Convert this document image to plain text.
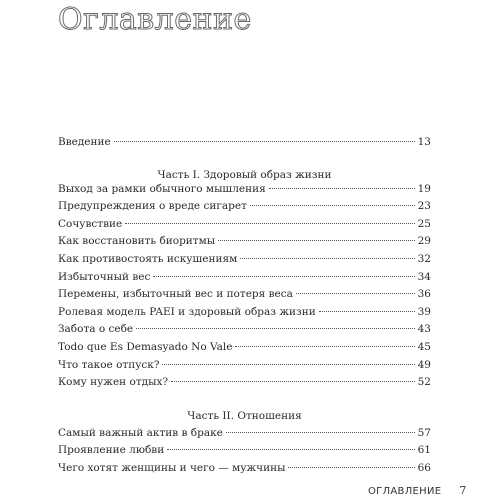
Оглавление
Введение	13
Часть I. Здоровый образ жизни
Выход за рамки обычного мышления	19
Предупреждения о вреде сигарет	23
Сочувствие	25
Как восстановить биоритмы	29
Как противостоять искушениям	32
Избыточный вес	34
Перемены, избыточный вес и потеря веса	36
Ролевая модель PAEI и здоровый образ жизни	39
Забота о себе	43
Todo que Es Demasyado No Vale	45
Что такое отпуск?	49
Кому нужен отдых?	52
Часть II. Отношения
Самый важный актив в браке	57
Проявление любви	61
Чего хотят женщины и чего — мужчины	66
ОГЛАВЛЕНИЕ 7
